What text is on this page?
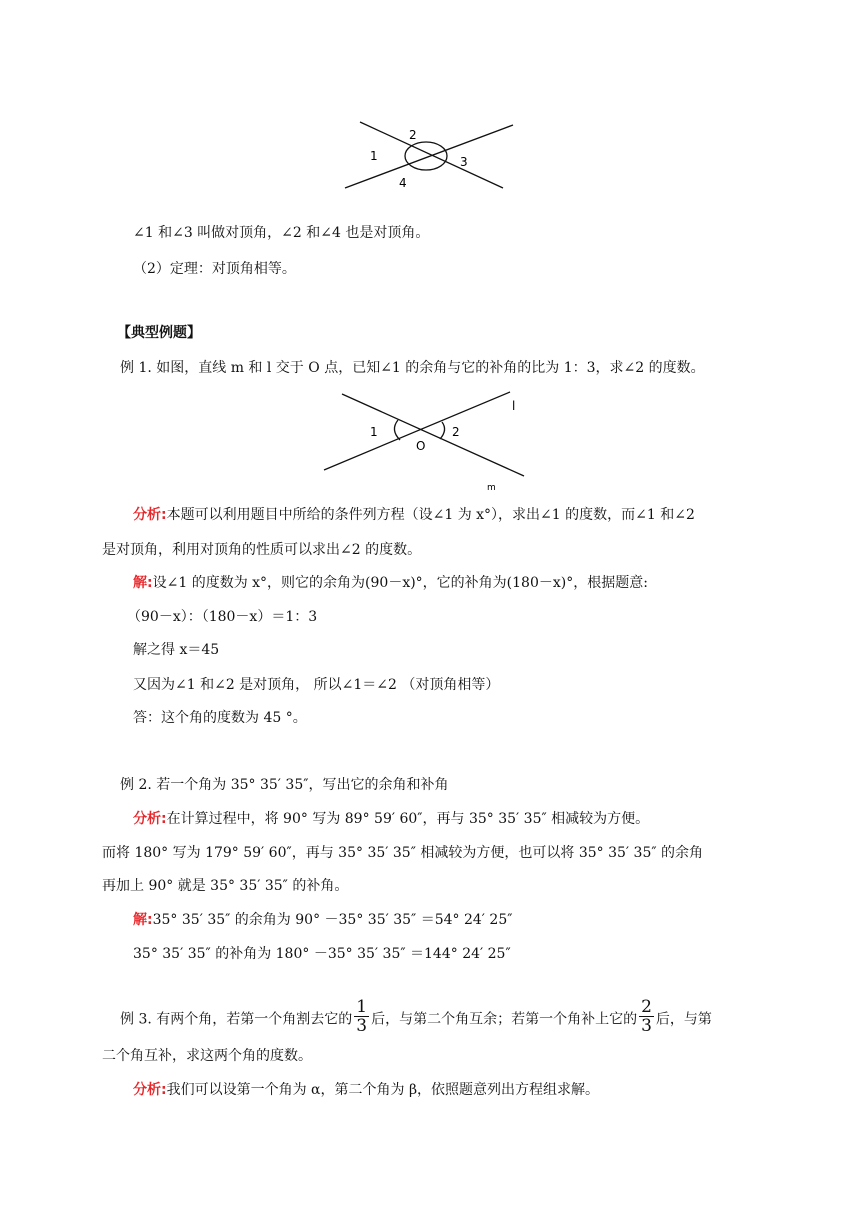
1
2
3
4
∠1 和∠3 叫做对顶角，∠2 和∠4 也是对顶角。
（2）定理：对顶角相等。
【典型例题】
例 1. 如图，直线 m 和 l 交于 O 点，已知∠1 的余角与它的补角的比为 1：3，求∠2 的度数。
1
O
2
l
m
分析:本题可以利用题目中所给的条件列方程（设∠1 为 x°），求出∠1 的度数，而∠1 和∠2
是对顶角，利用对顶角的性质可以求出∠2 的度数。
解:设∠1 的度数为 x°，则它的余角为(90－x)°，它的补角为(180－x)°，根据题意:
（90－x）：（180－x）＝1：3
解之得 x＝45
又因为∠1 和∠2 是对顶角， 所以∠1＝∠2 （对顶角相等）
答：这个角的度数为 45 °。
例 2. 若一个角为 35° 35′ 35″，写出它的余角和补角
分析:在计算过程中，将 90° 写为 89° 59′ 60″，再与 35° 35′ 35″ 相减较为方便。
而将 180° 写为 179° 59′ 60″，再与 35° 35′ 35″ 相减较为方便，也可以将 35° 35′ 35″ 的余角
再加上 90° 就是 35° 35′ 35″ 的补角。
解:35° 35′ 35″ 的余角为 90° －35° 35′ 35″ ＝54° 24′ 25″
35° 35′ 35″ 的补角为 180° －35° 35′ 35″ ＝144° 24′ 25″
例 3. 有两个角，若第一个角割去它的 $\frac{1}{3}$ 后，与第二个角互余；若第一个角补上它的 $\frac{2}{3}$ 后，与第
二个角互补，求这两个角的度数。
分析:我们可以设第一个角为 α，第二个角为 β，依照题意列出方程组求解。
